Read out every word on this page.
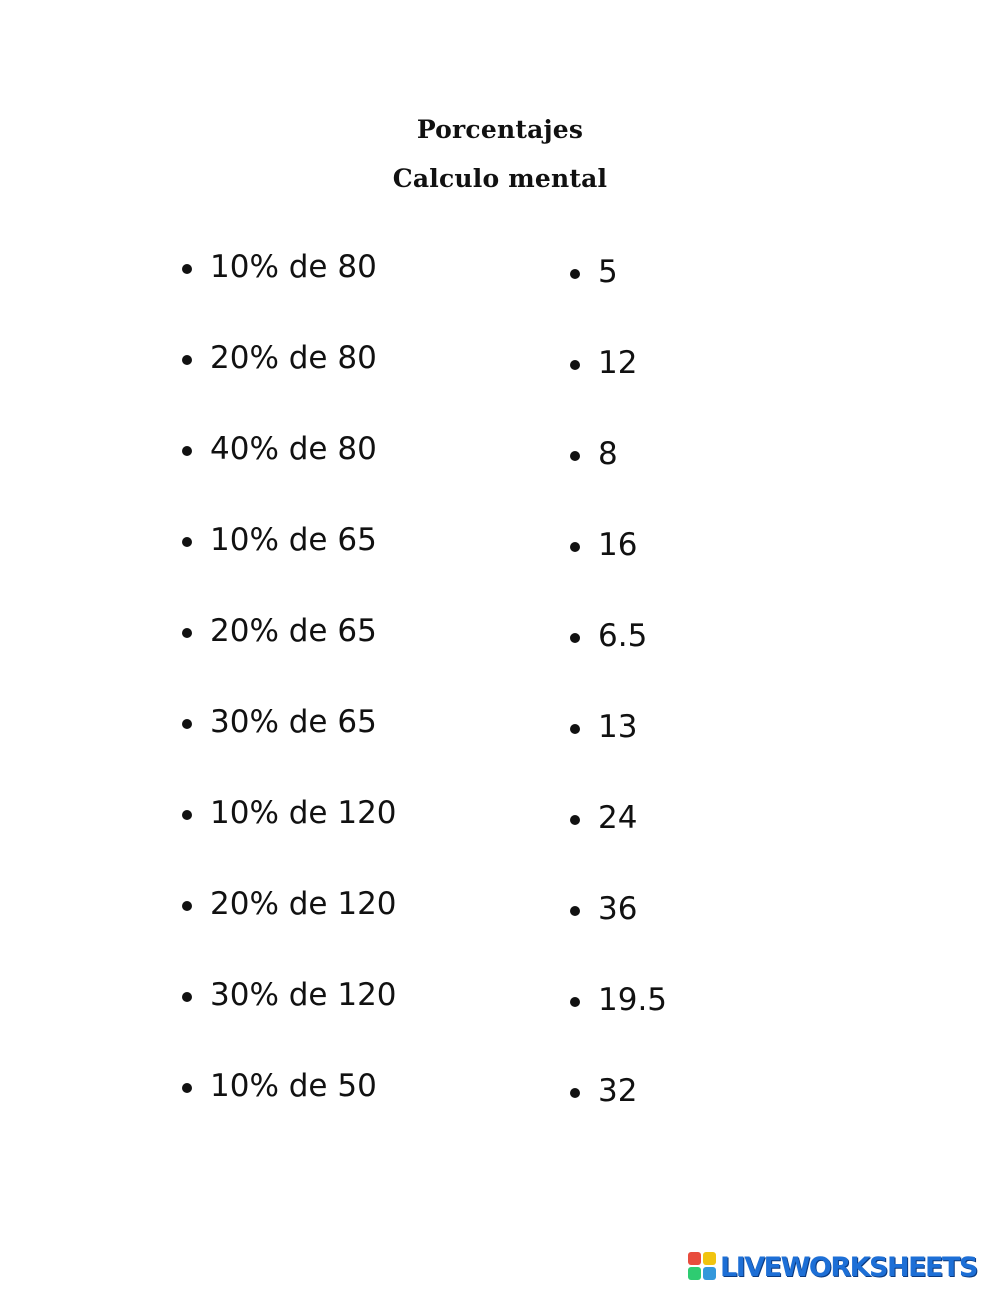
Porcentajes
Calculo mental
10% de 80
20% de 80
40% de 80
10% de 65
20% de 65
30% de 65
10% de 120
20% de 120
30% de 120
10% de 50
5
12
8
16
6.5
13
24
36
19.5
32
LIVEWORKSHEETS
